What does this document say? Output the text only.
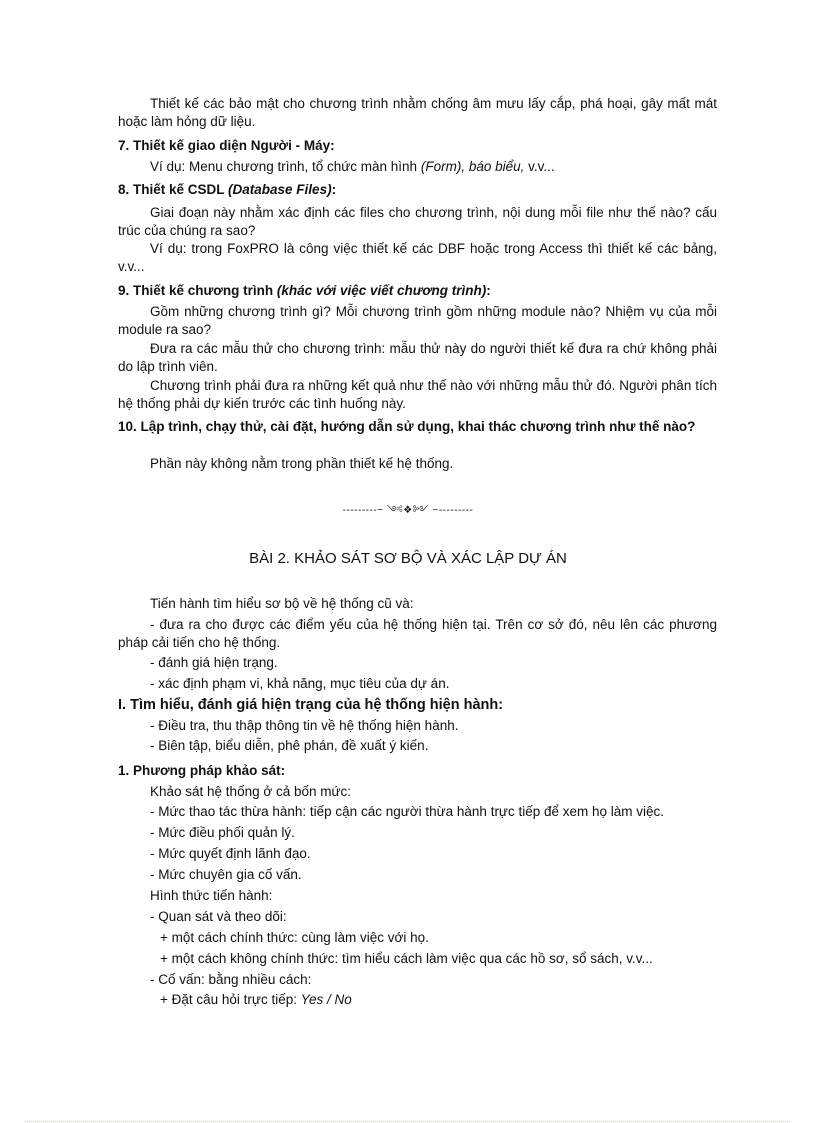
Thiết kế các bảo mật cho chương trình nhằm chống âm mưu lấy cắp, phá hoại, gây mất mát hoặc làm hỏng dữ liệu.
7. Thiết kế giao diện Người - Máy:
Ví dụ: Menu chương trình, tổ chức màn hình (Form), báo biểu, v.v...
8. Thiết kế CSDL (Database Files):
Giai đoạn này nhằm xác định các files cho chương trình, nội dung mỗi file như thế nào? cấu trúc của chúng ra sao?
Ví dụ: trong FoxPRO là công việc thiết kế các DBF hoặc trong Access thì thiết kế các bảng, v.v...
9. Thiết kế chương trình (khác với việc viết chương trình):
Gồm những chương trình gì? Mỗi chương trình gồm những module nào? Nhiệm vụ của mỗi module ra sao?
Đưa ra các mẫu thử cho chương trình: mẫu thử này do người thiết kế đưa ra chứ không phải do lập trình viên.
Chương trình phải đưa ra những kết quả như thế nào với những mẫu thử đó. Người phân tích hệ thống phải dự kiến trước các tình huống này.
10. Lập trình, chạy thử, cài đặt, hướng dẫn sử dụng, khai thác chương trình như thế nào?
Phần này không nằm trong phần thiết kế hệ thống.
---------~ ༺❖༻ ~---------
BÀI 2. KHẢO SÁT SƠ BỘ VÀ XÁC LẬP DỰ ÁN
Tiến hành tìm hiểu sơ bộ về hệ thống cũ và:
- đưa ra cho được các điểm yếu của hệ thống hiện tại. Trên cơ sở đó, nêu lên các phương pháp cải tiến cho hệ thống.
- đánh giá hiện trạng.
- xác định phạm vi, khả năng, mục tiêu của dự án.
I. Tìm hiểu, đánh giá hiện trạng của hệ thống hiện hành:
- Điều tra, thu thập thông tin về hệ thống hiện hành.
- Biên tập, biểu diễn, phê phán, đề xuất ý kiến.
1. Phương pháp khảo sát:
Khảo sát hệ thống ở cả bốn mức:
- Mức thao tác thừa hành: tiếp cận các người thừa hành trực tiếp để xem họ làm việc.
- Mức điều phối quản lý.
- Mức quyết định lãnh đạo.
- Mức chuyên gia cố vấn.
Hình thức tiến hành:
- Quan sát và theo dõi:
+ một cách chính thức: cùng làm việc với họ.
+ một cách không chính thức: tìm hiểu cách làm việc qua các hồ sơ, sổ sách, v.v...
- Cố vấn: bằng nhiều cách:
+ Đặt câu hỏi trực tiếp: Yes / No
